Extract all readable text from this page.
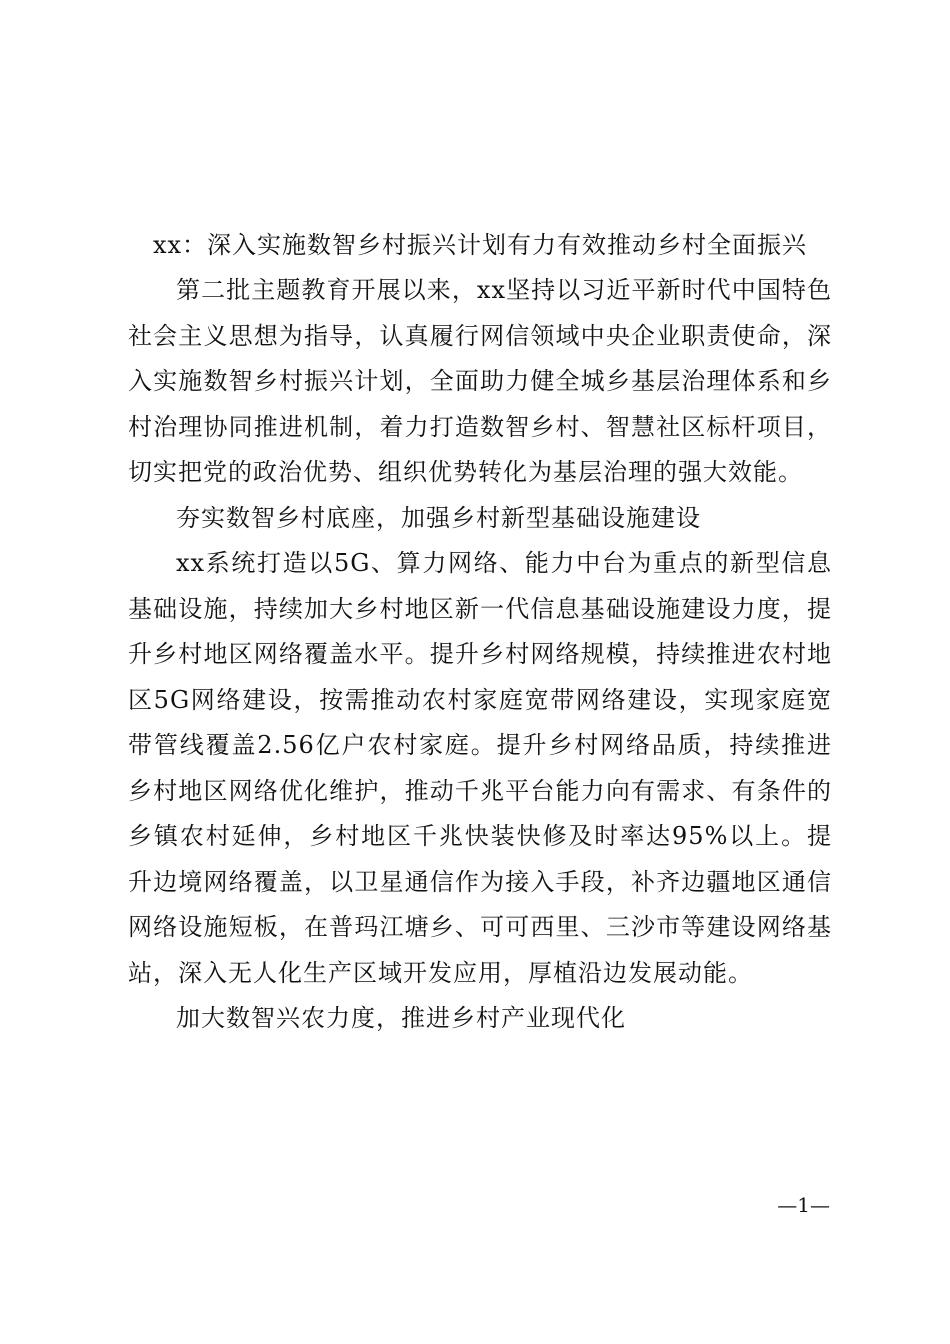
xx：深入实施数智乡村振兴计划有力有效推动乡村全面振兴

第二批主题教育开展以来，xx坚持以习近平新时代中国特色社会主义思想为指导，认真履行网信领域中央企业职责使命，深入实施数智乡村振兴计划，全面助力健全城乡基层治理体系和乡村治理协同推进机制，着力打造数智乡村、智慧社区标杆项目，切实把党的政治优势、组织优势转化为基层治理的强大效能。

夯实数智乡村底座，加强乡村新型基础设施建设

xx系统打造以5G、算力网络、能力中台为重点的新型信息基础设施，持续加大乡村地区新一代信息基础设施建设力度，提升乡村地区网络覆盖水平。提升乡村网络规模，持续推进农村地区5G网络建设，按需推动农村家庭宽带网络建设，实现家庭宽带管线覆盖2.56亿户农村家庭。提升乡村网络品质，持续推进乡村地区网络优化维护，推动千兆平台能力向有需求、有条件的乡镇农村延伸，乡村地区千兆快装快修及时率达95%以上。提升边境网络覆盖，以卫星通信作为接入手段，补齐边疆地区通信网络设施短板，在普玛江塘乡、可可西里、三沙市等建设网络基站，深入无人化生产区域开发应用，厚植沿边发展动能。

加大数智兴农力度，推进乡村产业现代化
—1—
